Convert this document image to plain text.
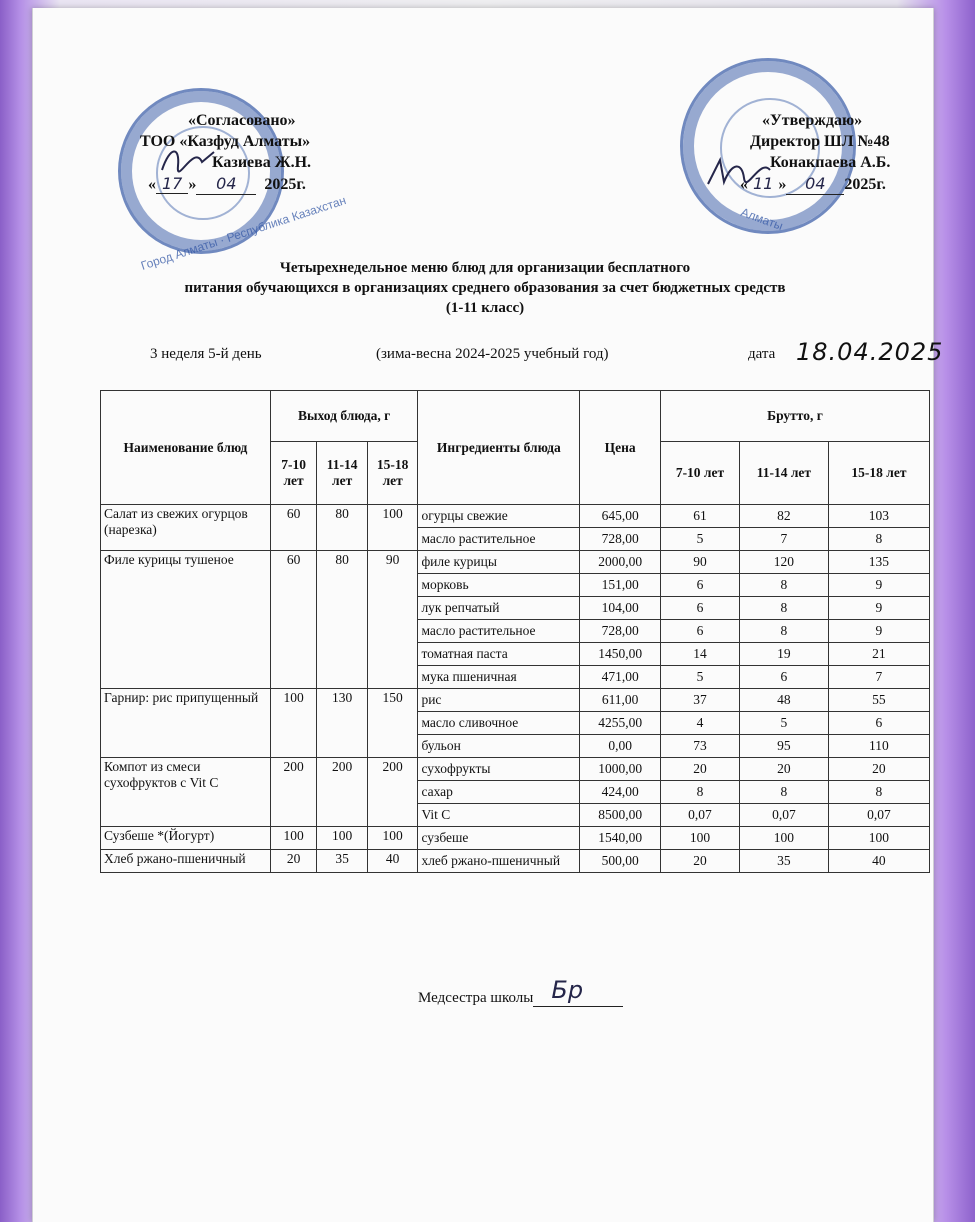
Город Алматы · Республика Казахстан	Алматы
«Согласовано»
ТОО «Казфуд Алматы»
Казиева Ж.Н.
« 17 » 04 2025г.
«Утверждаю»
Директор ШЛ №48
Конакпаева А.Б.
« 11 » 04 2025г.
Четырехнедельное меню блюд для организации бесплатного
питания обучающихся в организациях среднего образования за счет бюджетных средств
(1-11 класс)
3 неделя 5-й день	(зима-весна 2024-2025 учебный год)	дата 18.04.2025
Наименование блюд	Выход блюда, г			Ингредиенты блюда	Цена	Брутто, г		
	7-10 лет	11-14 лет	15-18 лет			7-10 лет	11-14 лет	15-18 лет
Салат из свежих огурцов (нарезка)	60	80	100	огурцы свежие	645,00	61	82	103
				масло растительное	728,00	5	7	8
Филе курицы тушеное	60	80	90	филе курицы	2000,00	90	120	135
				морковь	151,00	6	8	9
				лук репчатый	104,00	6	8	9
				масло растительное	728,00	6	8	9
				томатная паста	1450,00	14	19	21
				мука пшеничная	471,00	5	6	7
Гарнир: рис припущенный	100	130	150	рис	611,00	37	48	55
				масло сливочное	4255,00	4	5	6
				бульон	0,00	73	95	110
Компот из смеси сухофруктов с Vit C	200	200	200	сухофрукты	1000,00	20	20	20
				сахар	424,00	8	8	8
				Vit C	8500,00	0,07	0,07	0,07
Сузбеше *(Йогурт)	100	100	100	сузбеше	1540,00	100	100	100
Хлеб ржано-пшеничный	20	35	40	хлеб ржано-пшеничный	500,00	20	35	40
Медсестра школы Бр
